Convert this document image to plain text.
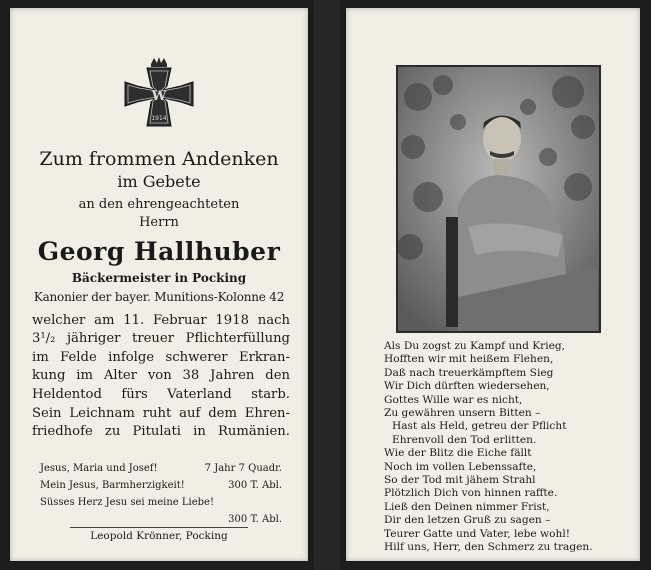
W
1914
Zum frommen Andenken
im Gebete
an den ehrengeachteten
Herrn
Georg Hallhuber
Bäckermeister in Pocking
Kanonier der bayer. Munitions-Kolonne 42
welcher am 11. Februar 1918 nach
3¹/₂ jähriger treuer Pflichterfüllung
im Felde infolge schwerer Erkran-
kung im Alter von 38 Jahren den
Heldentod fürs Vaterland starb.
Sein Leichnam ruht auf dem Ehren-
friedhofe zu Pitulati in Rumänien.
Jesus, Maria und Josef!	7 Jahr 7 Quadr.
Mein Jesus, Barmherzigkeit!	300 T. Abl.
Süsses Herz Jesu sei meine Liebe!
300 T. Abl.
Leopold Krönner, Pocking
Als Du zogst zu Kampf und Krieg,
Hofften wir mit heißem Flehen,
Daß nach treuerkämpftem Sieg
Wir Dich dürften wiedersehen,
Gottes Wille war es nicht,
Zu gewähren unsern Bitten –
Hast als Held, getreu der Pflicht
Ehrenvoll den Tod erlitten.
Wie der Blitz die Eiche fällt
Noch im vollen Lebenssafte,
So der Tod mit jähem Strahl
Plötzlich Dich von hinnen raffte.
Ließ den Deinen nimmer Frist,
Dir den letzen Gruß zu sagen –
Teurer Gatte und Vater, lebe wohl!
Hilf uns, Herr, den Schmerz zu tragen.
